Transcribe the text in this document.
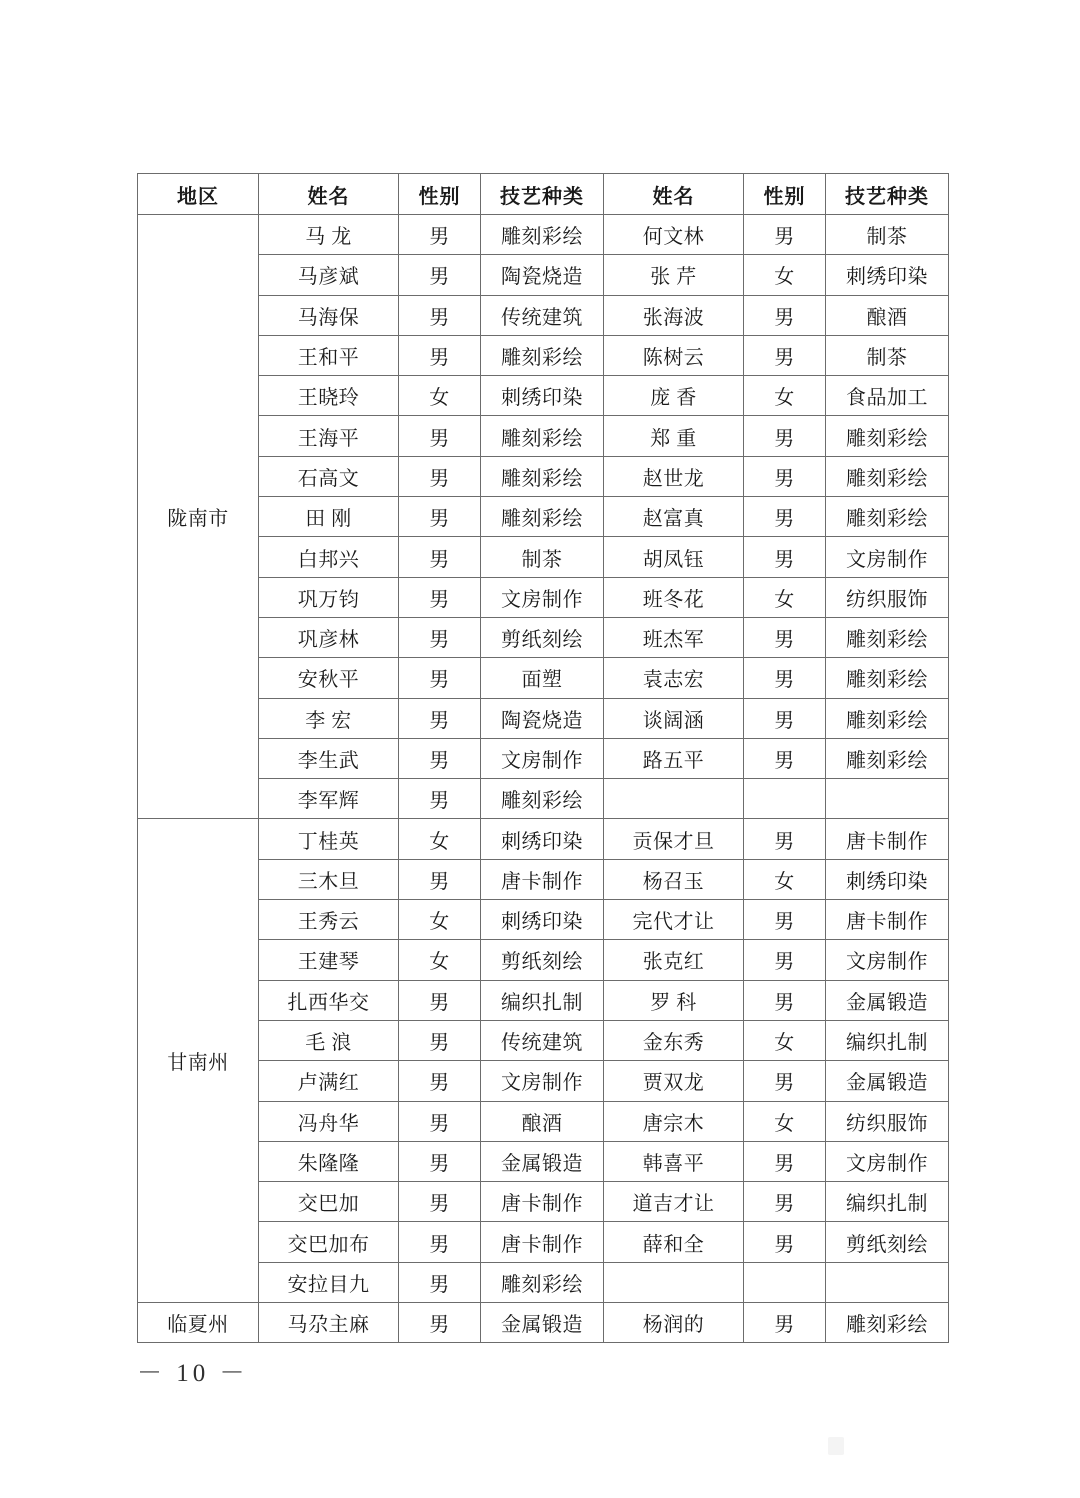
地区	姓名	性别	技艺种类	姓名	性别	技艺种类
陇南市	马 龙	男	雕刻彩绘	何文林	男	制茶
	马彦斌	男	陶瓷烧造	张 芹	女	刺绣印染
	马海保	男	传统建筑	张海波	男	酿酒
	王和平	男	雕刻彩绘	陈树云	男	制茶
	王晓玲	女	刺绣印染	庞 香	女	食品加工
	王海平	男	雕刻彩绘	郑 重	男	雕刻彩绘
	石高文	男	雕刻彩绘	赵世龙	男	雕刻彩绘
	田 刚	男	雕刻彩绘	赵富真	男	雕刻彩绘
	白邦兴	男	制茶	胡凤钰	男	文房制作
	巩万钧	男	文房制作	班冬花	女	纺织服饰
	巩彦林	男	剪纸刻绘	班杰军	男	雕刻彩绘
	安秋平	男	面塑	袁志宏	男	雕刻彩绘
	李 宏	男	陶瓷烧造	谈阔涵	男	雕刻彩绘
	李生武	男	文房制作	路五平	男	雕刻彩绘
	李军辉	男	雕刻彩绘			
甘南州	丁桂英	女	刺绣印染	贡保才旦	男	唐卡制作
	三木旦	男	唐卡制作	杨召玉	女	刺绣印染
	王秀云	女	刺绣印染	完代才让	男	唐卡制作
	王建琴	女	剪纸刻绘	张克红	男	文房制作
	扎西华交	男	编织扎制	罗 科	男	金属锻造
	毛 浪	男	传统建筑	金东秀	女	编织扎制
	卢满红	男	文房制作	贾双龙	男	金属锻造
	冯舟华	男	酿酒	唐宗木	女	纺织服饰
	朱隆隆	男	金属锻造	韩喜平	男	文房制作
	交巴加	男	唐卡制作	道吉才让	男	编织扎制
	交巴加布	男	唐卡制作	薛和全	男	剪纸刻绘
	安拉目九	男	雕刻彩绘			
临夏州	马尕主麻	男	金属锻造	杨润的	男	雕刻彩绘
－ 10 －
